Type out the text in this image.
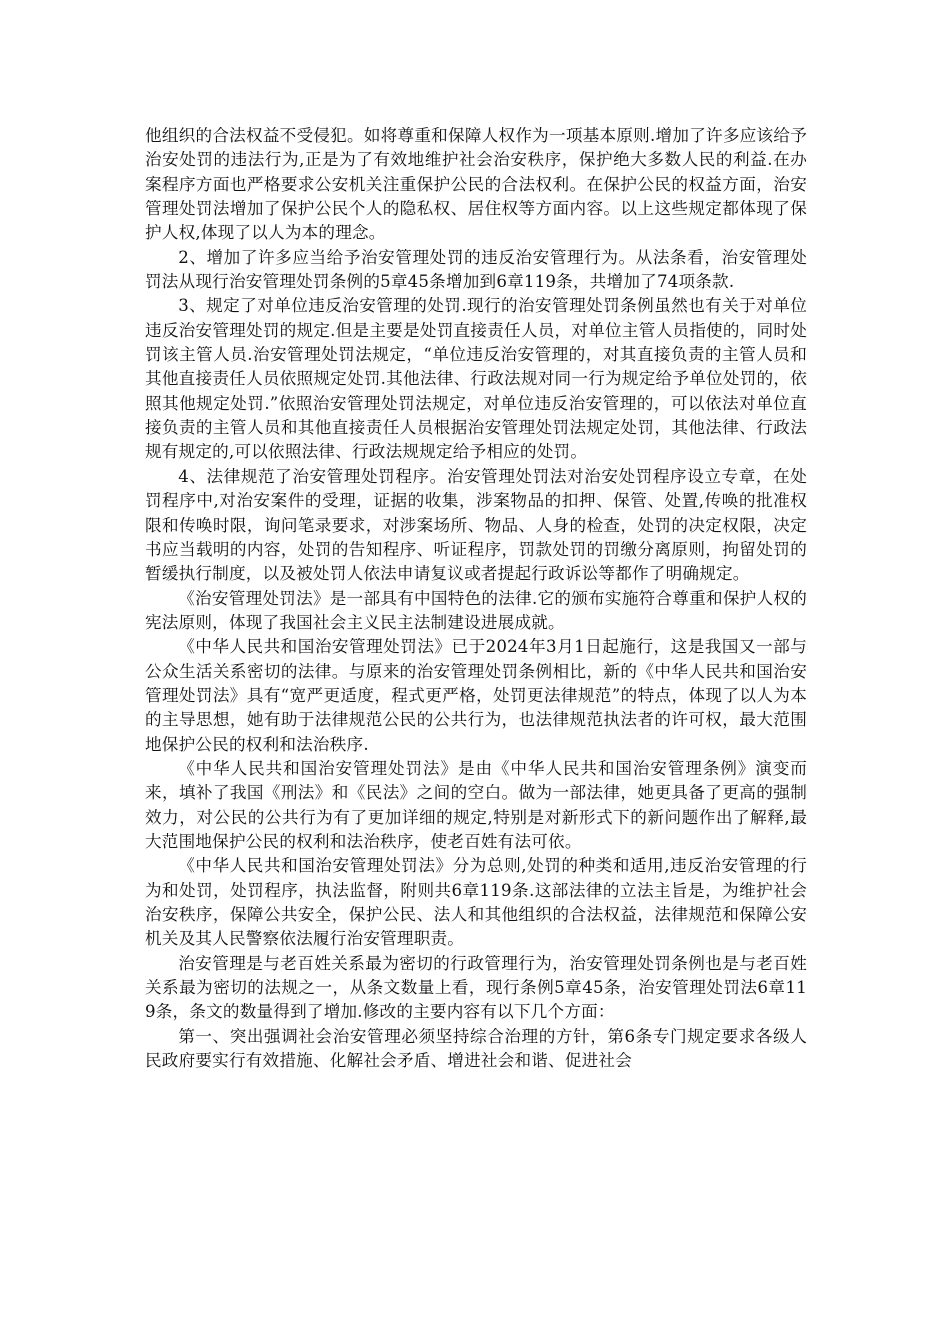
他组织的合法权益不受侵犯。如将尊重和保障人权作为一项基本原则.增加了许多应该给予治安处罚的违法行为,正是为了有效地维护社会治安秩序，保护绝大多数人民的利益.在办案程序方面也严格要求公安机关注重保护公民的合法权利。在保护公民的权益方面，治安管理处罚法增加了保护公民个人的隐私权、居住权等方面内容。以上这些规定都体现了保护人权,体现了以人为本的理念。

2、增加了许多应当给予治安管理处罚的违反治安管理行为。从法条看，治安管理处罚法从现行治安管理处罚条例的5章45条增加到6章119条，共增加了74项条款.

3、规定了对单位违反治安管理的处罚.现行的治安管理处罚条例虽然也有关于对单位违反治安管理处罚的规定.但是主要是处罚直接责任人员，对单位主管人员指使的，同时处罚该主管人员.治安管理处罚法规定，“单位违反治安管理的，对其直接负责的主管人员和其他直接责任人员依照规定处罚.其他法律、行政法规对同一行为规定给予单位处罚的，依照其他规定处罚.”依照治安管理处罚法规定，对单位违反治安管理的，可以依法对单位直接负责的主管人员和其他直接责任人员根据治安管理处罚法规定处罚，其他法律、行政法规有规定的,可以依照法律、行政法规规定给予相应的处罚。

4、法律规范了治安管理处罚程序。治安管理处罚法对治安处罚程序设立专章，在处罚程序中,对治安案件的受理，证据的收集，涉案物品的扣押、保管、处置,传唤的批准权限和传唤时限，询问笔录要求，对涉案场所、物品、人身的检查，处罚的决定权限，决定书应当载明的内容，处罚的告知程序、听证程序，罚款处罚的罚缴分离原则，拘留处罚的暂缓执行制度，以及被处罚人依法申请复议或者提起行政诉讼等都作了明确规定。

《治安管理处罚法》是一部具有中国特色的法律.它的颁布实施符合尊重和保护人权的宪法原则，体现了我国社会主义民主法制建设进展成就。

《中华人民共和国治安管理处罚法》已于2024年3月1日起施行，这是我国又一部与公众生活关系密切的法律。与原来的治安管理处罚条例相比，新的《中华人民共和国治安管理处罚法》具有“宽严更适度，程式更严格，处罚更法律规范”的特点，体现了以人为本的主导思想，她有助于法律规范公民的公共行为，也法律规范执法者的许可权，最大范围地保护公民的权利和法治秩序.

《中华人民共和国治安管理处罚法》是由《中华人民共和国治安管理条例》演变而来，填补了我国《刑法》和《民法》之间的空白。做为一部法律，她更具备了更高的强制效力，对公民的公共行为有了更加详细的规定,特别是对新形式下的新问题作出了解释,最大范围地保护公民的权利和法治秩序，使老百姓有法可依。

《中华人民共和国治安管理处罚法》分为总则,处罚的种类和适用,违反治安管理的行为和处罚，处罚程序，执法监督，附则共6章119条.这部法律的立法主旨是，为维护社会治安秩序，保障公共安全，保护公民、法人和其他组织的合法权益，法律规范和保障公安机关及其人民警察依法履行治安管理职责。

治安管理是与老百姓关系最为密切的行政管理行为，治安管理处罚条例也是与老百姓关系最为密切的法规之一，从条文数量上看，现行条例5章45条，治安管理处罚法6章119条，条文的数量得到了增加.修改的主要内容有以下几个方面：

第一、突出强调社会治安管理必须坚持综合治理的方针，第6条专门规定要求各级人民政府要实行有效措施、化解社会矛盾、增进社会和谐、促进社会
